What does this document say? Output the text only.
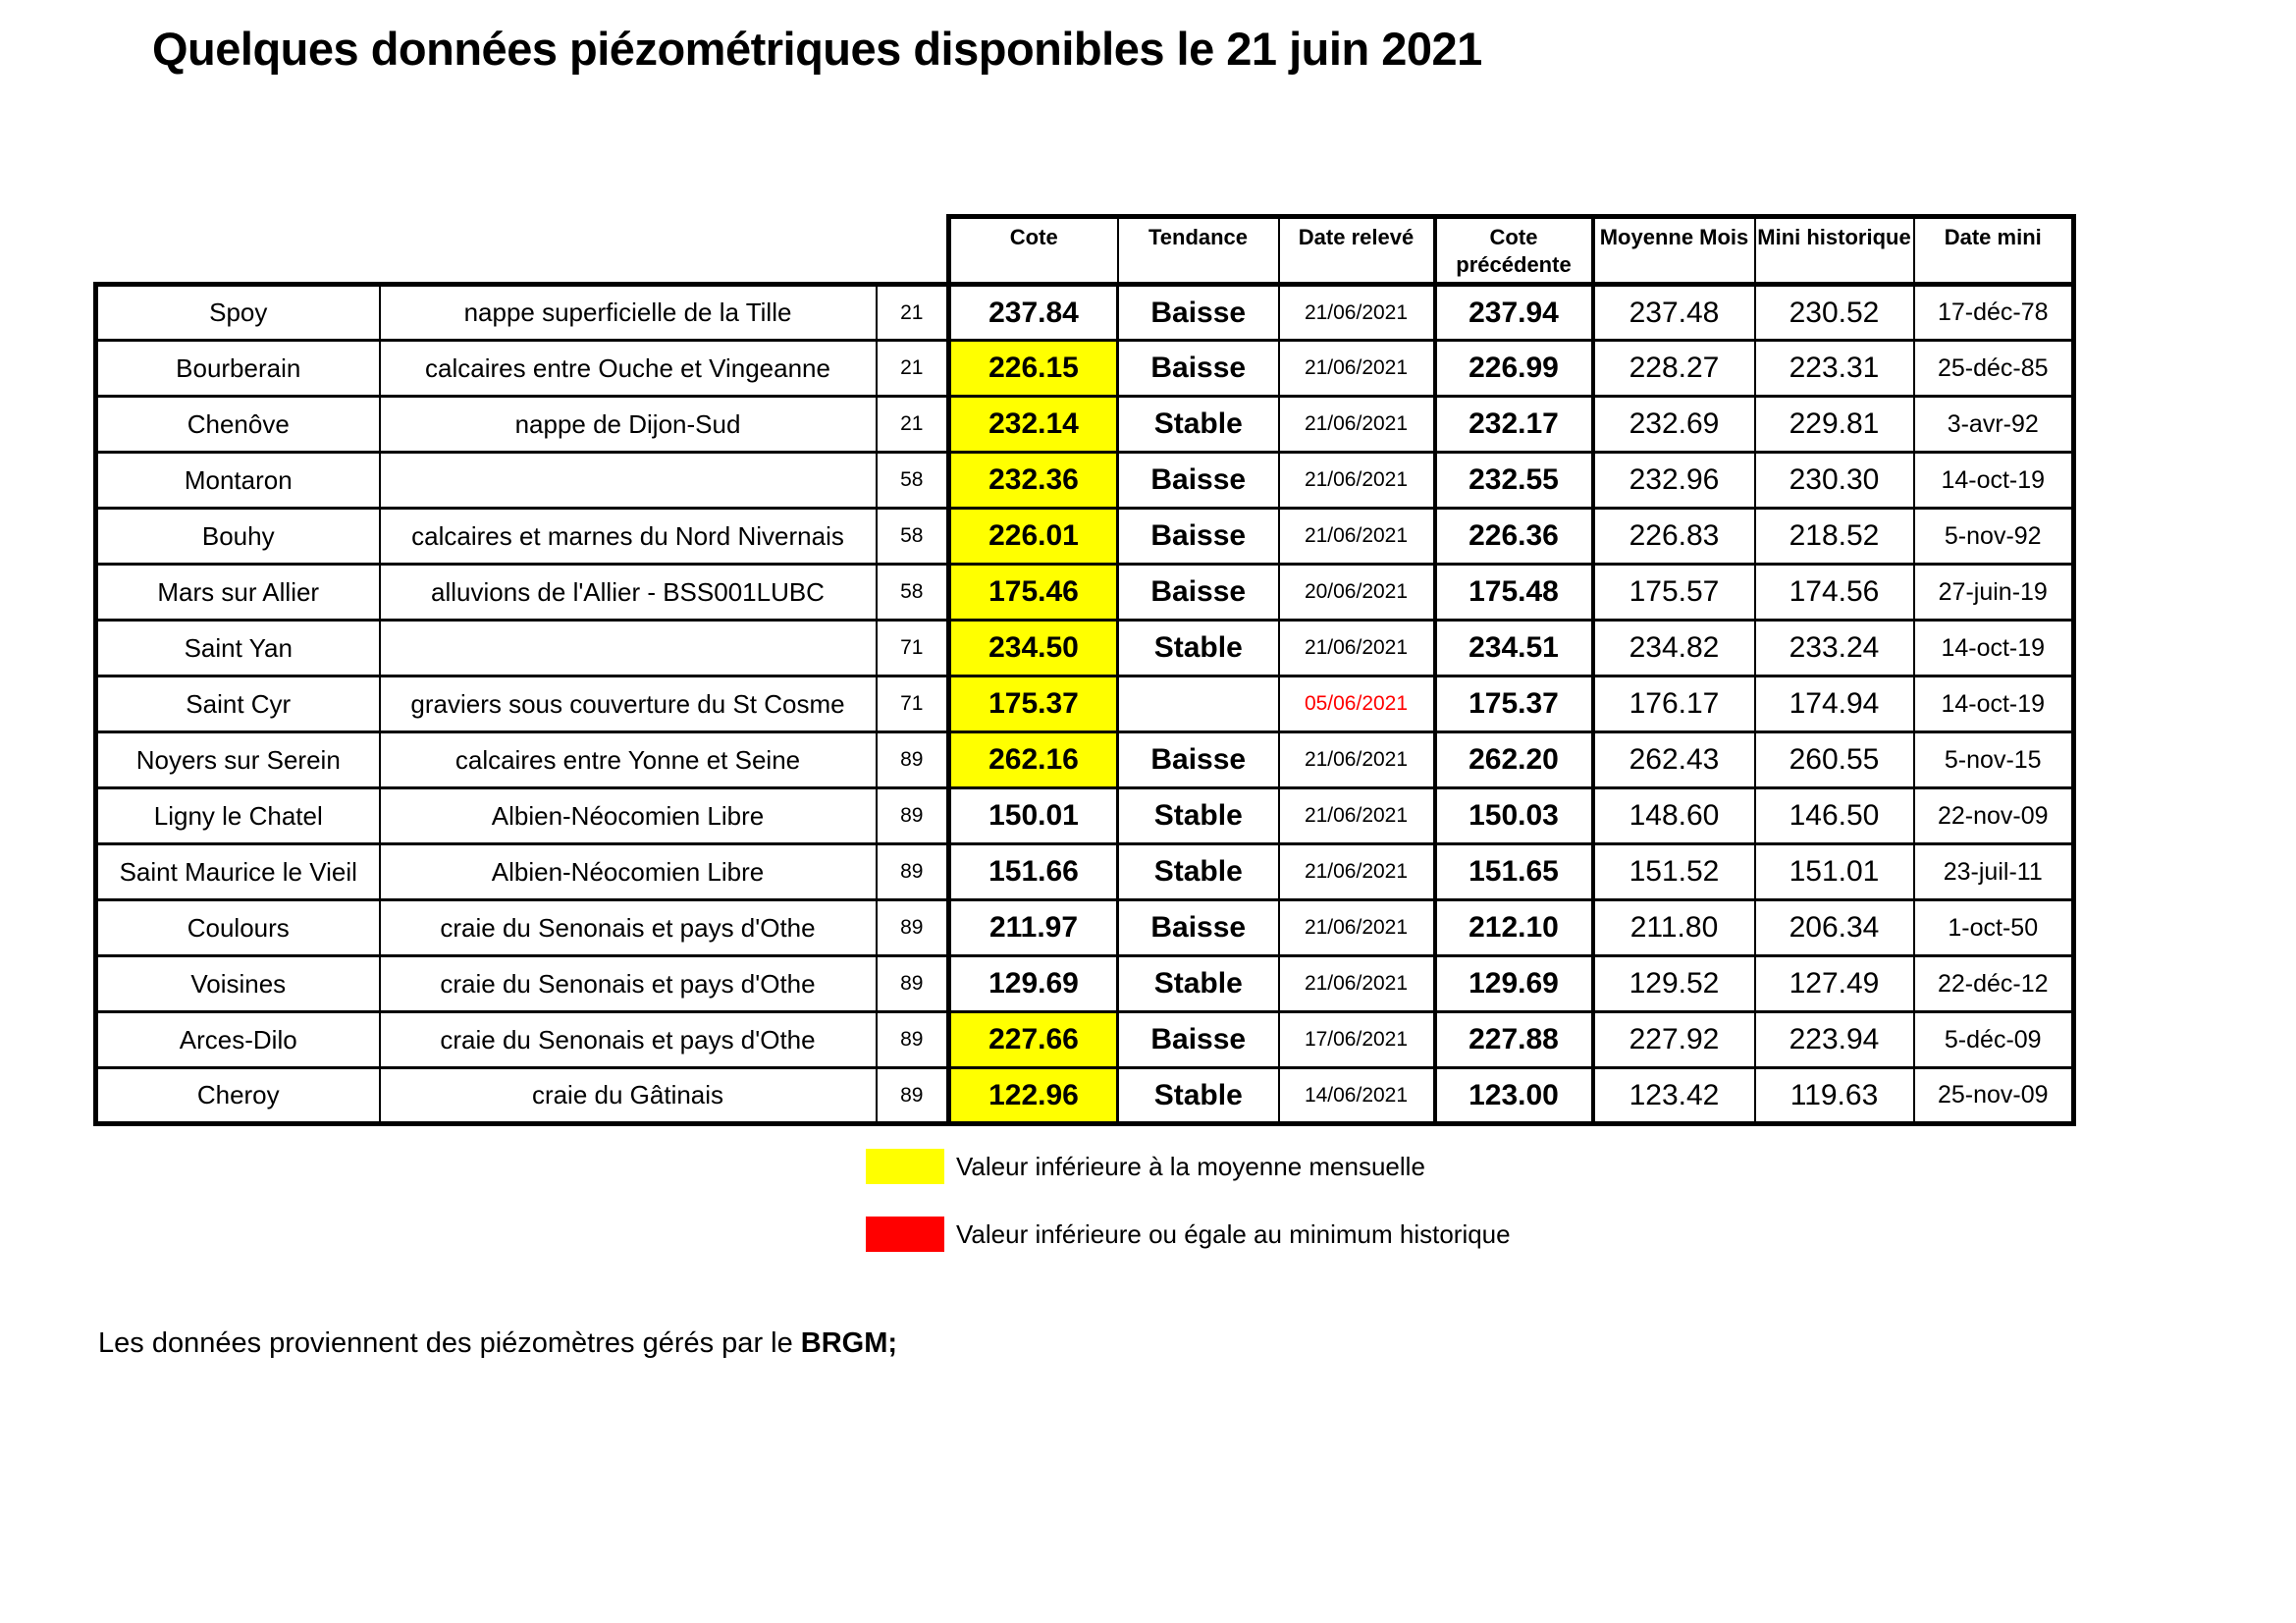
Quelques données piézométriques disponibles le 21 juin 2021
			Cote	Tendance	Date relevé	Cote précédente	Moyenne Mois	Mini historique	Date mini
Spoy	nappe superficielle de la Tille	21	237.84	Baisse	21/06/2021	237.94	237.48	230.52	17-déc-78
Bourberain	calcaires entre Ouche et Vingeanne	21	226.15	Baisse	21/06/2021	226.99	228.27	223.31	25-déc-85
Chenôve	nappe de Dijon-Sud	21	232.14	Stable	21/06/2021	232.17	232.69	229.81	3-avr-92
Montaron		58	232.36	Baisse	21/06/2021	232.55	232.96	230.30	14-oct-19
Bouhy	calcaires et marnes du Nord Nivernais	58	226.01	Baisse	21/06/2021	226.36	226.83	218.52	5-nov-92
Mars sur Allier	alluvions de l'Allier - BSS001LUBC	58	175.46	Baisse	20/06/2021	175.48	175.57	174.56	27-juin-19
Saint Yan		71	234.50	Stable	21/06/2021	234.51	234.82	233.24	14-oct-19
Saint Cyr	graviers sous couverture du St Cosme	71	175.37		05/06/2021	175.37	176.17	174.94	14-oct-19
Noyers sur Serein	calcaires entre Yonne et Seine	89	262.16	Baisse	21/06/2021	262.20	262.43	260.55	5-nov-15
Ligny le Chatel	Albien-Néocomien Libre	89	150.01	Stable	21/06/2021	150.03	148.60	146.50	22-nov-09
Saint Maurice le Vieil	Albien-Néocomien Libre	89	151.66	Stable	21/06/2021	151.65	151.52	151.01	23-juil-11
Coulours	craie du Senonais et pays d'Othe	89	211.97	Baisse	21/06/2021	212.10	211.80	206.34	1-oct-50
Voisines	craie du Senonais et pays d'Othe	89	129.69	Stable	21/06/2021	129.69	129.52	127.49	22-déc-12
Arces-Dilo	craie du Senonais et pays d'Othe	89	227.66	Baisse	17/06/2021	227.88	227.92	223.94	5-déc-09
Cheroy	craie du Gâtinais	89	122.96	Stable	14/06/2021	123.00	123.42	119.63	25-nov-09
Valeur inférieure à la moyenne mensuelle
Valeur inférieure ou égale au minimum historique
Les données proviennent des piézomètres gérés par le BRGM;
